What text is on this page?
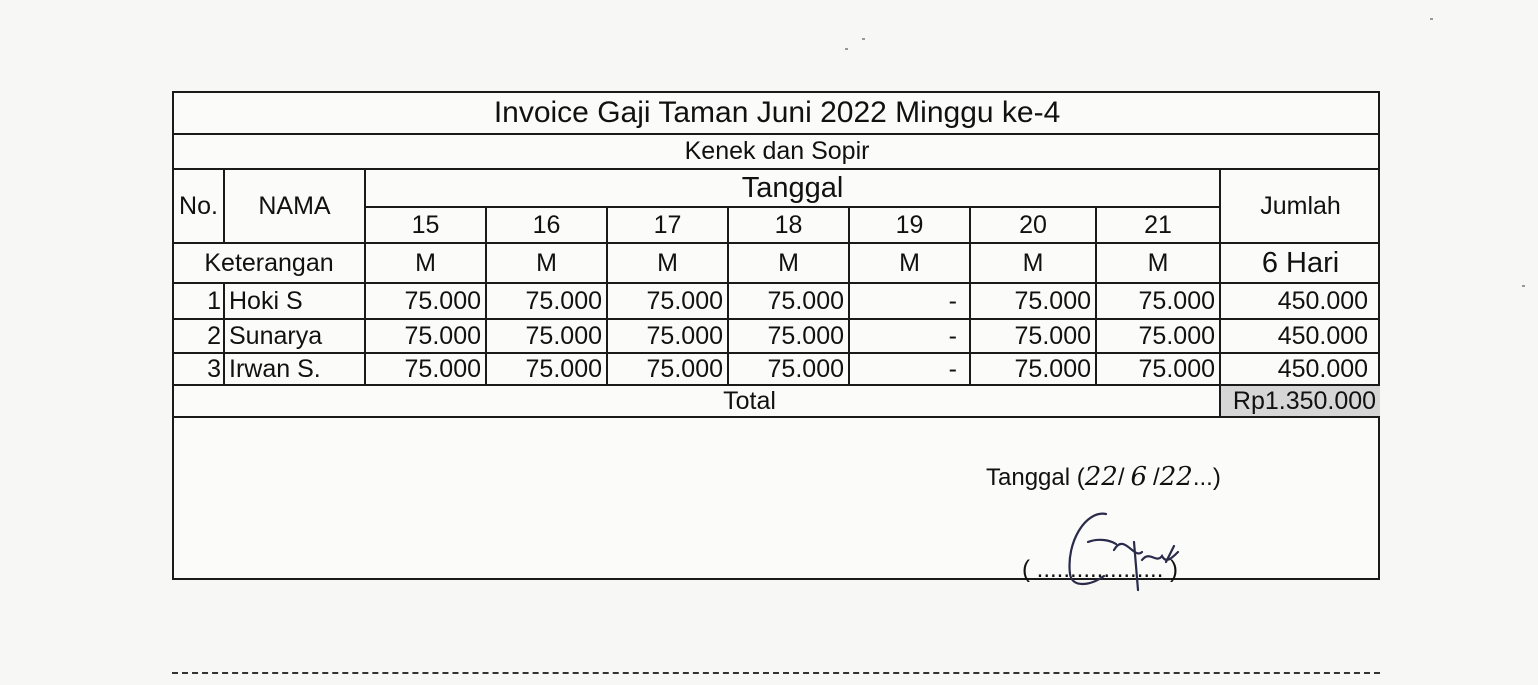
Invoice Gaji Taman Juni 2022 Minggu ke-4									
Kenek dan Sopir									
No.	NAMA	Tanggal							Jumlah
		15	16	17	18	19	20	21	
Keterangan		M	M	M	M	M	M	M	6 Hari
1	Hoki S	75.000	75.000	75.000	75.000	-	75.000	75.000	450.000
2	Sunarya	75.000	75.000	75.000	75.000	-	75.000	75.000	450.000
3	Irwan S.	75.000	75.000	75.000	75.000	-	75.000	75.000	450.000
Total									Rp1.350.000
Tanggal (22/ 6 /22...)
( ................... )
